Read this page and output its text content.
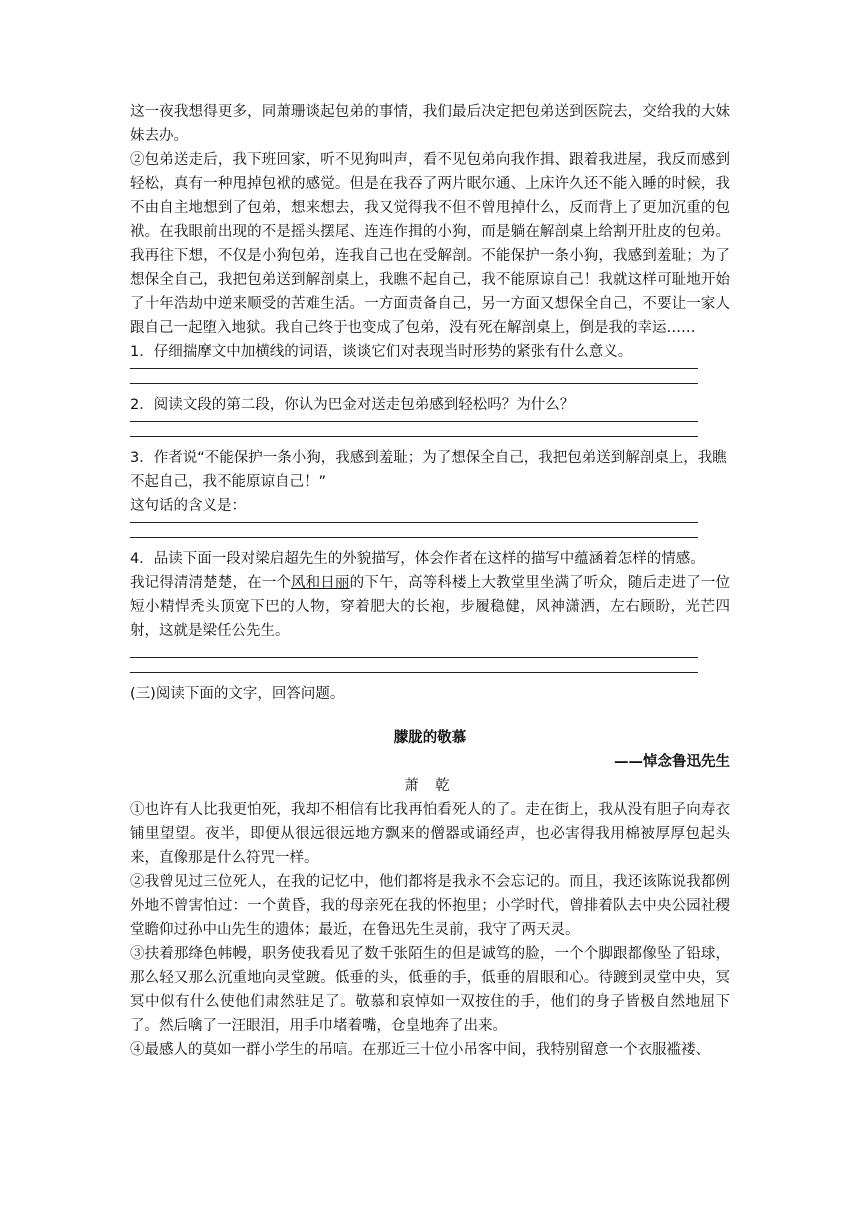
这一夜我想得更多，同萧珊谈起包弟的事情，我们最后决定把包弟送到医院去，交给我的大妹妹去办。

②包弟送走后，我下班回家，听不见狗叫声，看不见包弟向我作揖、跟着我进屋，我反而感到轻松，真有一种甩掉包袱的感觉。但是在我吞了两片眠尔通、上床许久还不能入睡的时候，我不由自主地想到了包弟，想来想去，我又觉得我不但不曾甩掉什么，反而背上了更加沉重的包袱。在我眼前出现的不是摇头摆尾、连连作揖的小狗，而是躺在解剖桌上给割开肚皮的包弟。我再往下想，不仅是小狗包弟，连我自己也在受解剖。不能保护一条小狗，我感到羞耻；为了想保全自己，我把包弟送到解剖桌上，我瞧不起自己，我不能原谅自己！我就这样可耻地开始了十年浩劫中逆来顺受的苦难生活。一方面责备自己，另一方面又想保全自己，不要让一家人跟自己一起堕入地狱。我自己终于也变成了包弟，没有死在解剖桌上，倒是我的幸运……

1．仔细揣摩文中加横线的词语，谈谈它们对表现当时形势的紧张有什么意义。

2．阅读文段的第二段，你认为巴金对送走包弟感到轻松吗？为什么？

3．作者说“不能保护一条小狗，我感到羞耻；为了想保全自己，我把包弟送到解剖桌上，我瞧不起自己，我不能原谅自己！”

这句话的含义是：

4．品读下面一段对梁启超先生的外貌描写，体会作者在这样的描写中蕴涵着怎样的情感。

我记得清清楚楚，在一个风和日丽的下午，高等科楼上大教堂里坐满了听众，随后走进了一位短小精悍秃头顶宽下巴的人物，穿着肥大的长袍，步履稳健，风神潇洒，左右顾盼，光芒四射，这就是梁任公先生。

(三)阅读下面的文字，回答问题。

朦胧的敬慕

——悼念鲁迅先生

萧 乾

①也许有人比我更怕死，我却不相信有比我再怕看死人的了。走在街上，我从没有胆子向寿衣铺里望望。夜半，即便从很远很远地方飘来的僧器或诵经声，也必害得我用棉被厚厚包起头来，直像那是什么符咒一样。

②我曾见过三位死人，在我的记忆中，他们都将是我永不会忘记的。而且，我还该陈说我都例外地不曾害怕过：一个黄昏，我的母亲死在我的怀抱里；小学时代，曾排着队去中央公园社稷堂瞻仰过孙中山先生的遗体；最近，在鲁迅先生灵前，我守了两天灵。

③扶着那绛色帏幔，职务使我看见了数千张陌生的但是诚笃的脸，一个个脚跟都像坠了铅球，那么轻又那么沉重地向灵堂踱。低垂的头，低垂的手，低垂的眉眼和心。待踱到灵堂中央，冥冥中似有什么使他们肃然驻足了。敬慕和哀悼如一双按住的手，他们的身子皆极自然地屈下了。然后噙了一汪眼泪，用手巾堵着嘴，仓皇地奔了出来。

④最感人的莫如一群小学生的吊唁。在那近三十位小吊客中间，我特别留意一个衣服褴褛、
